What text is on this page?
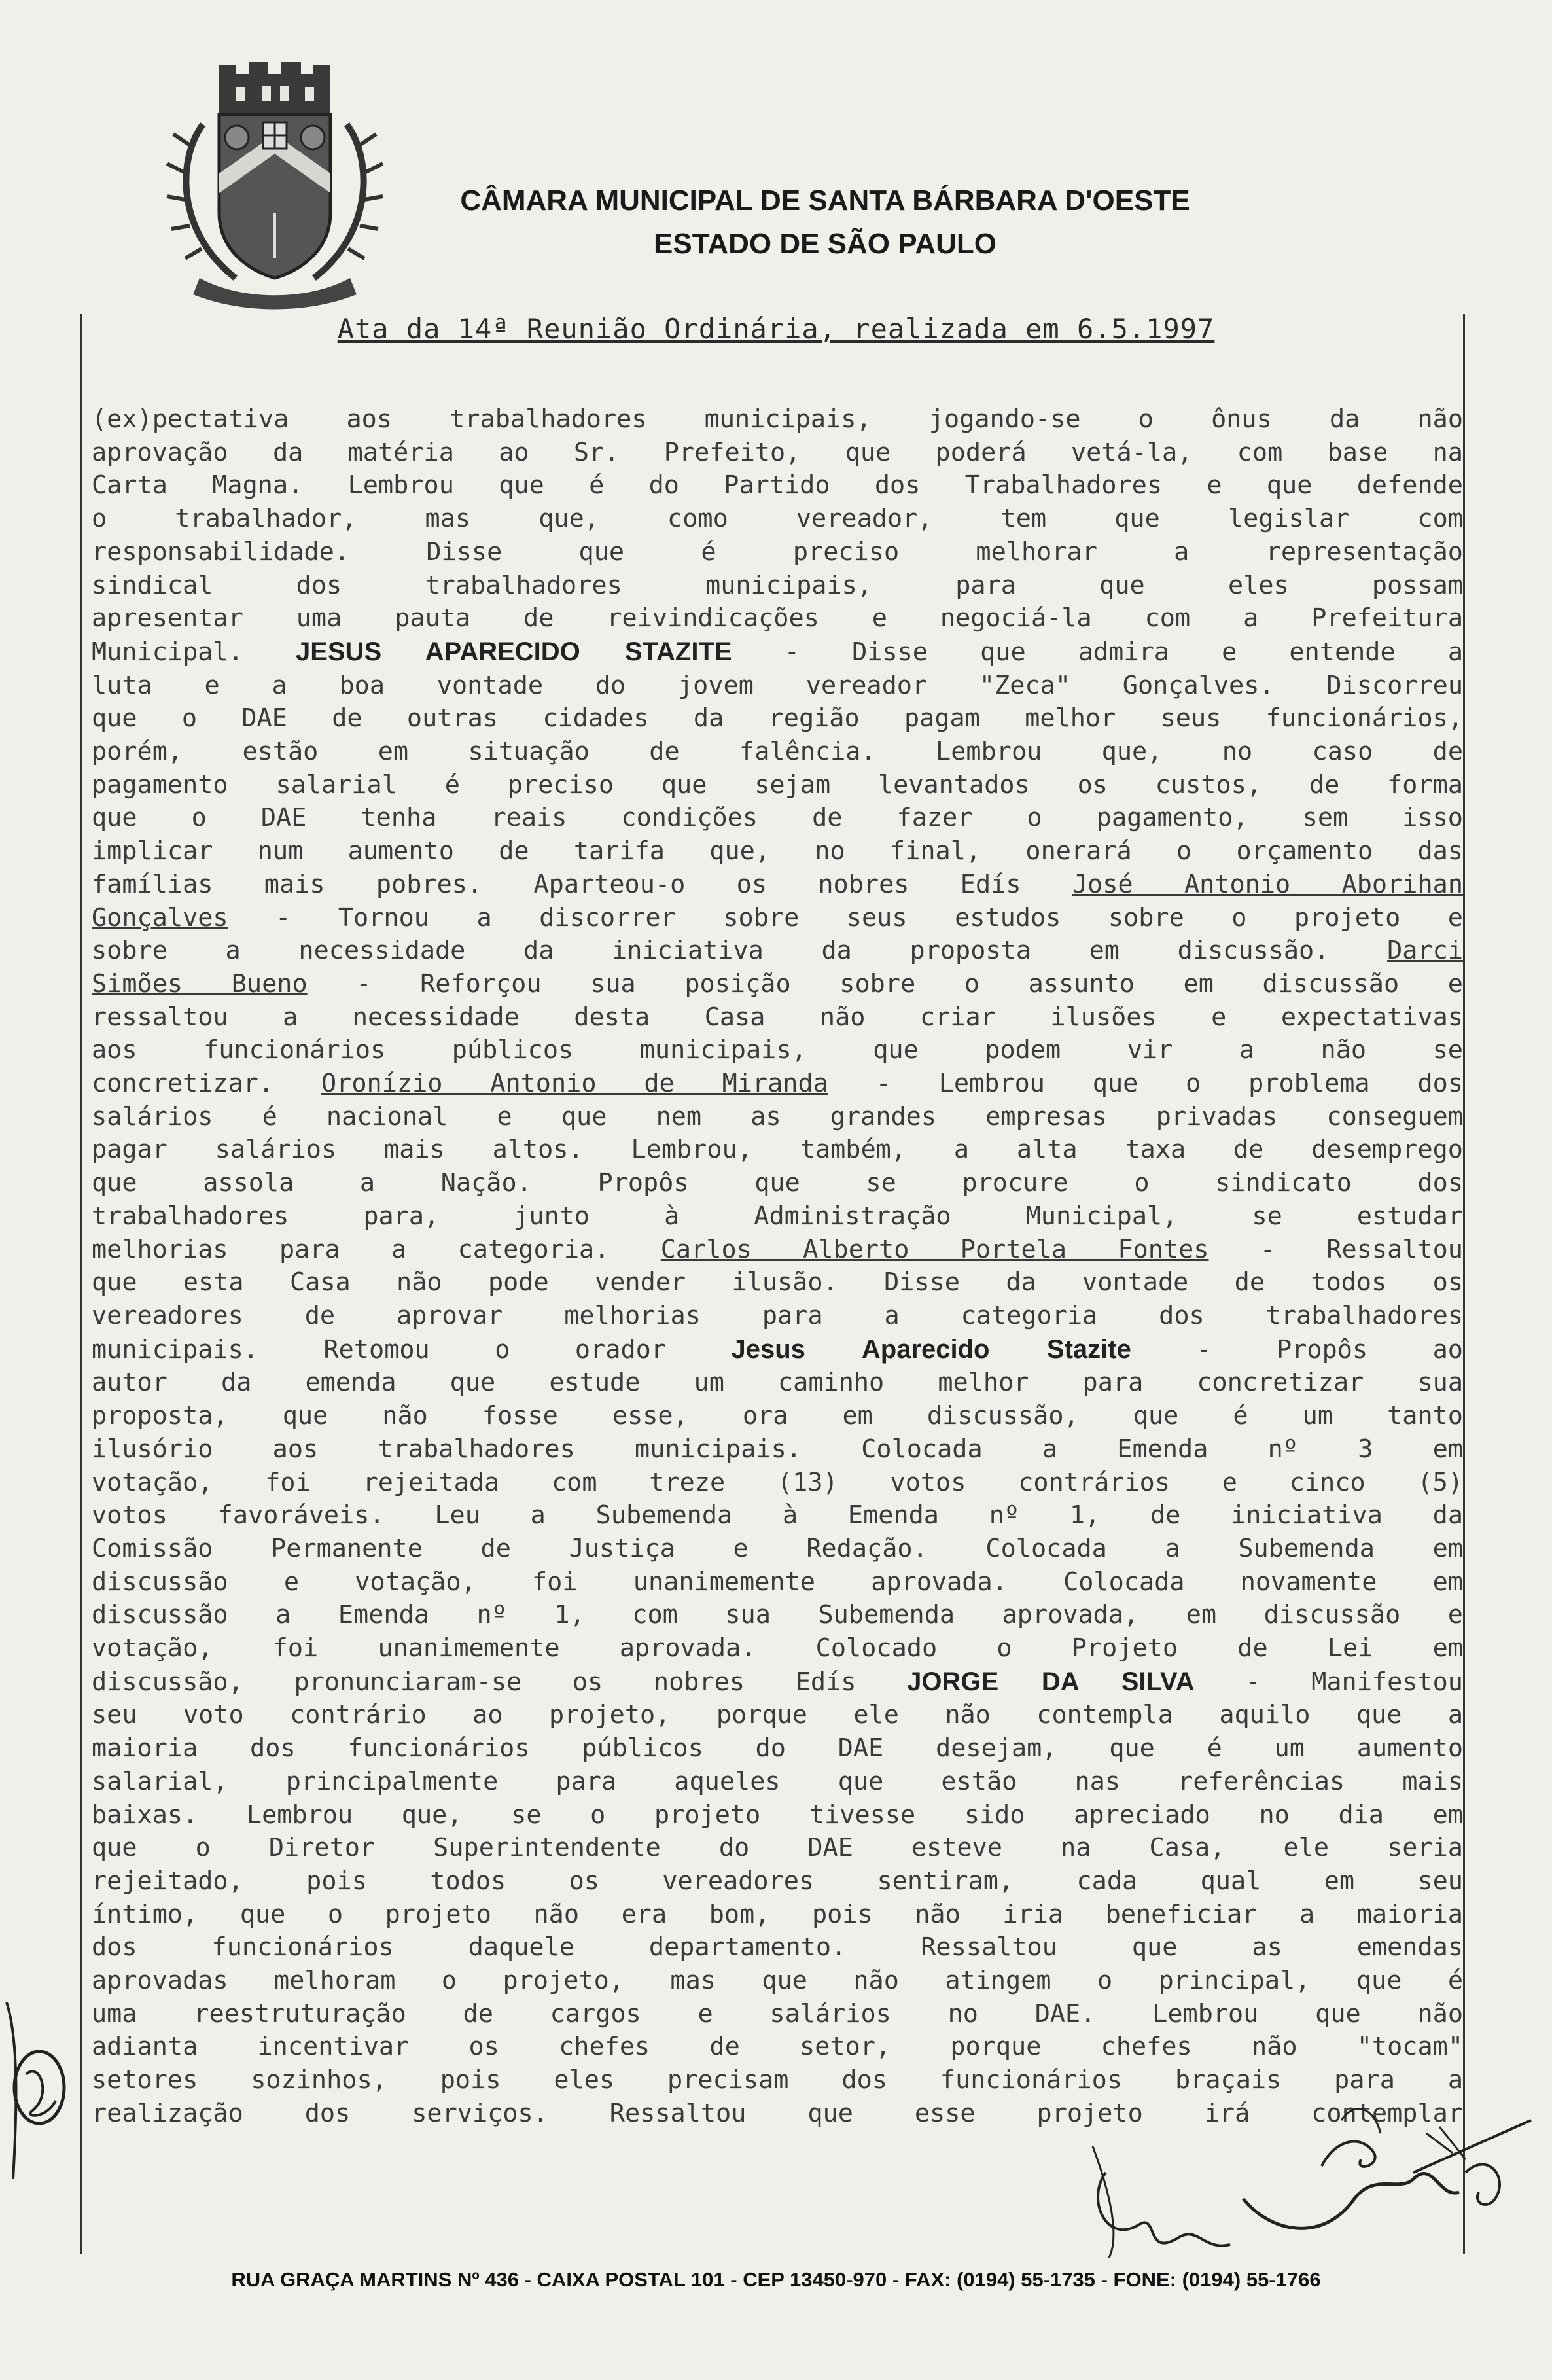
CÂMARA MUNICIPAL DE SANTA BÁRBARA D'OESTE
ESTADO DE SÃO PAULO
Ata da 14ª Reunião Ordinária, realizada em 6.5.1997
(ex)pectativa aos trabalhadores municipais, jogando-se o ônus da não
aprovação da matéria ao Sr. Prefeito, que poderá vetá-la, com base na
Carta Magna. Lembrou que é do Partido dos Trabalhadores e que defende
o trabalhador, mas que, como vereador, tem que legislar com
responsabilidade. Disse que é preciso melhorar a representação
sindical dos trabalhadores municipais, para que eles possam
apresentar uma pauta de reivindicações e negociá-la com a Prefeitura
Municipal. JESUS APARECIDO STAZITE - Disse que admira e entende a
luta e a boa vontade do jovem vereador "Zeca" Gonçalves. Discorreu
que o DAE de outras cidades da região pagam melhor seus funcionários,
porém, estão em situação de falência. Lembrou que, no caso de
pagamento salarial é preciso que sejam levantados os custos, de forma
que o DAE tenha reais condições de fazer o pagamento, sem isso
implicar num aumento de tarifa que, no final, onerará o orçamento das
famílias mais pobres. Aparteou-o os nobres Edís José Antonio Aborihan
Gonçalves - Tornou a discorrer sobre seus estudos sobre o projeto e
sobre a necessidade da iniciativa da proposta em discussão. Darci
Simões Bueno - Reforçou sua posição sobre o assunto em discussão e
ressaltou a necessidade desta Casa não criar ilusões e expectativas
aos funcionários públicos municipais, que podem vir a não se
concretizar. Oronízio Antonio de Miranda - Lembrou que o problema dos
salários é nacional e que nem as grandes empresas privadas conseguem
pagar salários mais altos. Lembrou, também, a alta taxa de desemprego
que assola a Nação. Propôs que se procure o sindicato dos
trabalhadores para, junto à Administração Municipal, se estudar
melhorias para a categoria. Carlos Alberto Portela Fontes - Ressaltou
que esta Casa não pode vender ilusão. Disse da vontade de todos os
vereadores de aprovar melhorias para a categoria dos trabalhadores
municipais. Retomou o orador Jesus Aparecido Stazite - Propôs ao
autor da emenda que estude um caminho melhor para concretizar sua
proposta, que não fosse esse, ora em discussão, que é um tanto
ilusório aos trabalhadores municipais. Colocada a Emenda nº 3 em
votação, foi rejeitada com treze (13) votos contrários e cinco (5)
votos favoráveis. Leu a Subemenda à Emenda nº 1, de iniciativa da
Comissão Permanente de Justiça e Redação. Colocada a Subemenda em
discussão e votação, foi unanimemente aprovada. Colocada novamente em
discussão a Emenda nº 1, com sua Subemenda aprovada, em discussão e
votação, foi unanimemente aprovada. Colocado o Projeto de Lei em
discussão, pronunciaram-se os nobres Edís JORGE DA SILVA - Manifestou
seu voto contrário ao projeto, porque ele não contempla aquilo que a
maioria dos funcionários públicos do DAE desejam, que é um aumento
salarial, principalmente para aqueles que estão nas referências mais
baixas. Lembrou que, se o projeto tivesse sido apreciado no dia em
que o Diretor Superintendente do DAE esteve na Casa, ele seria
rejeitado, pois todos os vereadores sentiram, cada qual em seu
íntimo, que o projeto não era bom, pois não iria beneficiar a maioria
dos funcionários daquele departamento. Ressaltou que as emendas
aprovadas melhoram o projeto, mas que não atingem o principal, que é
uma reestruturação de cargos e salários no DAE. Lembrou que não
adianta incentivar os chefes de setor, porque chefes não "tocam"
setores sozinhos, pois eles precisam dos funcionários braçais para a
realização dos serviços. Ressaltou que esse projeto irá contemplar
RUA GRAÇA MARTINS Nº 436 - CAIXA POSTAL 101 - CEP 13450-970 - FAX: (0194) 55-1735 - FONE: (0194) 55-1766
